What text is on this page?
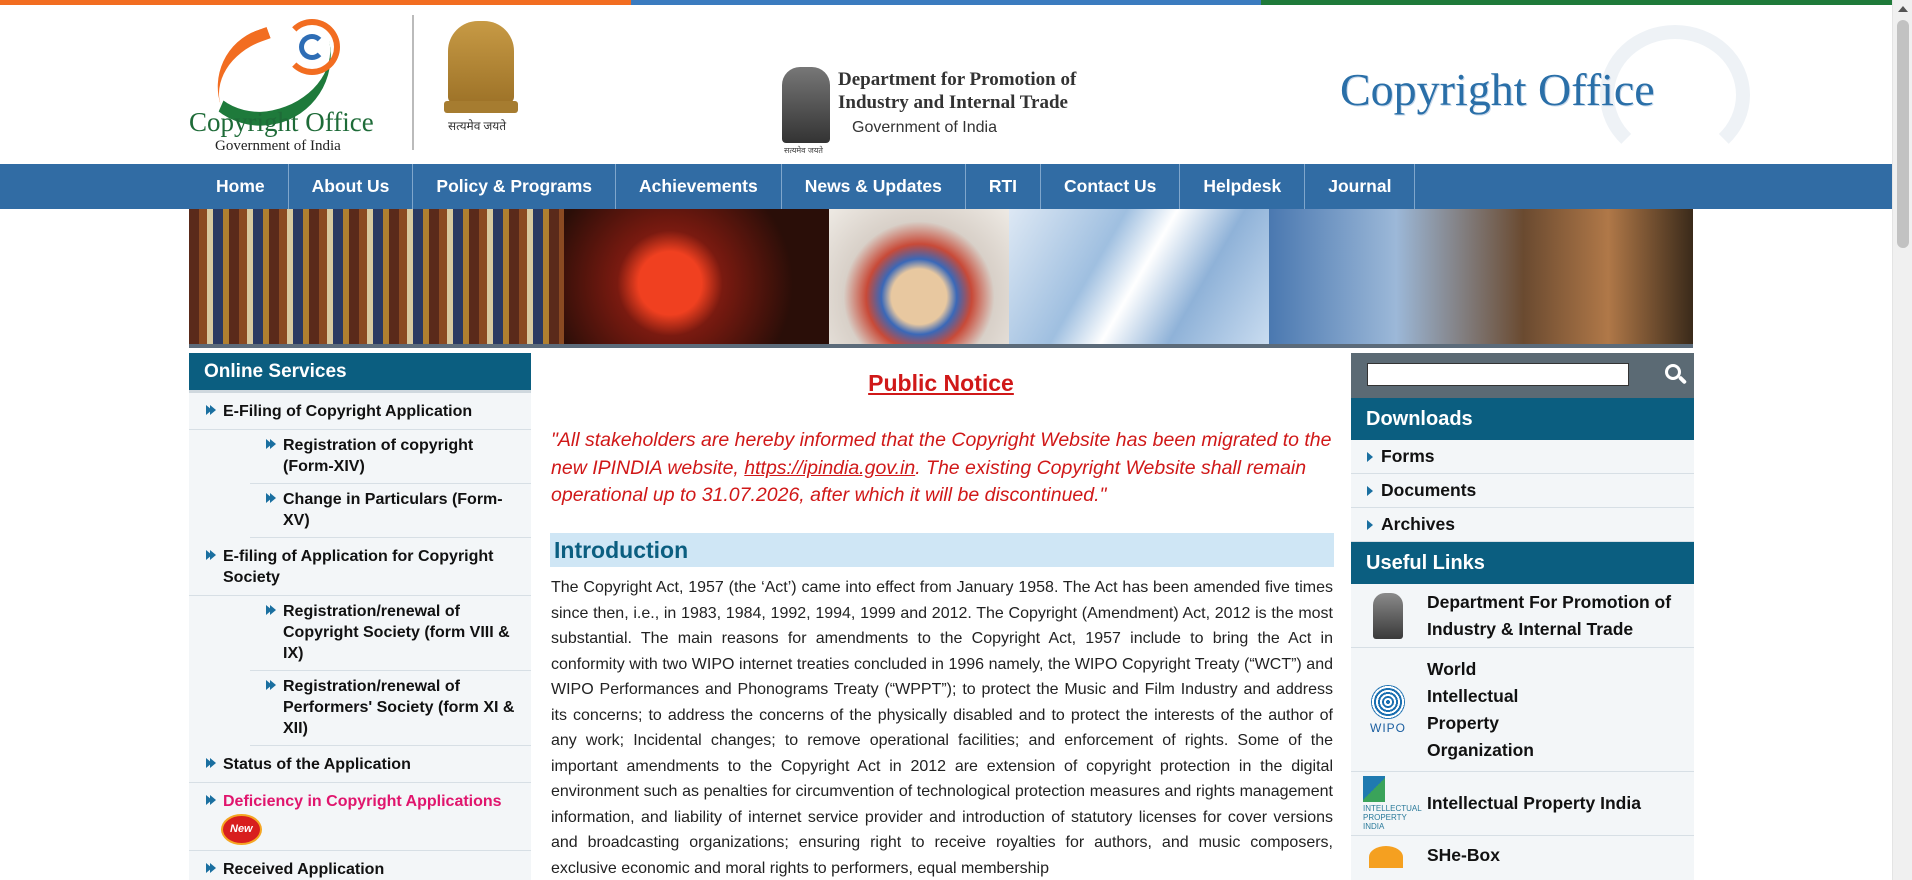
Copyright Office
Government of India
सत्यमेव जयते
Department for Promotion of
Industry and Internal Trade
Government of India
सत्यमेव जयते
Copyright Office
Home	About Us	Policy & Programs	Achievements	News & Updates	RTI	Contact Us	Helpdesk	Journal
Online Services
E-Filing of Copyright Application
Registration of copyright (Form-XIV)
Change in Particulars (Form-XV)
E-filing of Application for Copyright Society
Registration/renewal of Copyright Society (form VIII & IX)
Registration/renewal of Performers' Society (form XI & XII)
Status of the Application
Deficiency in Copyright Applications
New
Received Application
Public Notice
"All stakeholders are hereby informed that the Copyright Website has been migrated to the new IPINDIA website, https://ipindia.gov.in. The existing Copyright Website shall remain operational up to 31.07.2026, after which it will be discontinued."
Introduction
The Copyright Act, 1957 (the ‘Act’) came into effect from January 1958. The Act has been amended five times since then, i.e., in 1983, 1984, 1992, 1994, 1999 and 2012. The Copyright (Amendment) Act, 2012 is the most substantial. The main reasons for amendments to the Copyright Act, 1957 include to bring the Act in conformity with two WIPO internet treaties concluded in 1996 namely, the WIPO Copyright Treaty (“WCT”) and WIPO Performances and Phonograms Treaty (“WPPT”); to protect the Music and Film Industry and address its concerns; to address the concerns of the physically disabled and to protect the interests of the author of any work; Incidental changes; to remove operational facilities; and enforcement of rights. Some of the important amendments to the Copyright Act in 2012 are extension of copyright protection in the digital environment such as penalties for circumvention of technological protection measures and rights management information, and liability of internet service provider and introduction of statutory licenses for cover versions and broadcasting organizations; ensuring right to receive royalties for authors, and music composers, exclusive economic and moral rights to performers, equal membership
Downloads
Forms
Documents
Archives
Useful Links
Department For Promotion of Industry & Internal Trade
WIPO
World Intellectual Property Organization
INTELLECTUAL PROPERTY INDIA
Intellectual Property India
SHe-Box
